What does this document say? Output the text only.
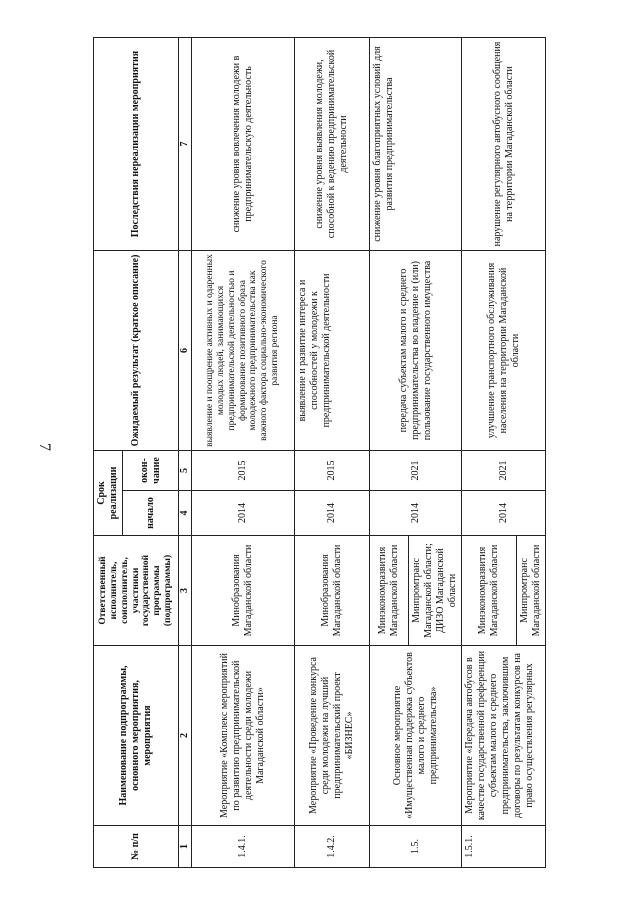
7
№ п/п	Наименование подпрограммы, основного мероприятия, мероприятия	Ответственный исполнитель, соисполнитель, участники государственной программы (подпрограммы)	Срок реализации		Ожидаемый результат (краткое описание)	Последствия нереализации мероприятия
			начало	окон- чание		
1	2	3	4	5	6	7
1.4.1.	Мероприятие «Комплекс мероприятий по развитию предпринимательской деятельности среди молодежи Магаданской области»	Минобразования Магаданской области	2014	2015	выявление и поощрение активных и одаренных молодых людей, занимающихся предпринимательской деятельностью и формирование позитивного образа молодежного предпринимательства как важного фактора социально-экономического развития региона	снижение уровня вовлечения молодежи в предпринимательскую деятельность
1.4.2.	Мероприятие «Проведение конкурса среди молодежи на лучший предпринимательский проект «БИЗНЕС»	Минобразования Магаданской области	2014	2015	выявление и развитие интереса и способностей у молодежи к предпринимательской деятельности	снижение уровня выявления молодежи, способной к ведению предпринимательской деятельности
1.5.	Основное мероприятие «Имущественная поддержка субъектов малого и среднего предпринимательства»	Минэкономразвития Магаданской области	2014	2021	передача субъектам малого и среднего предпринимательства во владение и (или) пользование государственного имущества	снижение уровня благоприятных условий для развития предпринимательства
		Минпромтранс Магаданской области; ДИЗО Магаданской области				
1.5.1.	Мероприятие «Передача автобусов в качестве государственной преференции субъектам малого и среднего предпринимательства, заключившим договоры по результатам конкурсов на право осуществления регулярных	Минэкономразвития Магаданской области	2014	2021	улучшение транспортного обслуживания населения на территории Магаданской области	нарушение регулярного автобусного сообщения на территории Магаданской области
		Минпромтранс Магаданской области				
